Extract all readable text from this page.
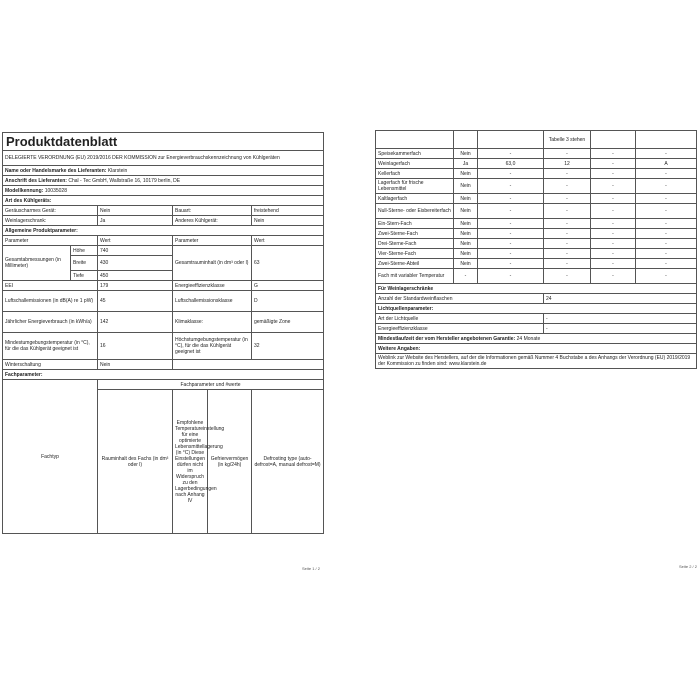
Produktdatenblatt					
DELEGIERTE VERORDNUNG (EU) 2019/2016 DER KOMMISSION zur Energieverbrauchskennzeichnung von Kühlgeräten					
Name oder Handelsmarke des Lieferanten: Klarstein					
Anschrift des Lieferanten: Chal - Tec GmbH, Wallstraße 16, 10179 berlin, DE					
Modellkennung: 10035028					
Art des Kühlgeräts:					
Geräuscharmes Gerät:		Nein	Bauart:		freistehend
Weinlagerschrank:		Ja	Anderes Kühlgerät:		Nein
Allgemeine Produktparameter:					
Parameter		Wert	Parameter		Wert
Gesamtabmessungen (in Millimeter)	Höhe	740	Gesamtrauminhalt (in dm³ oder l)		63
	Breite	430			
	Tiefe	450			
EEI		179	Energieeffizienzklasse		G
Luftschallemissionen (in dB(A) re 1 pW)		45	Luftschallemissionsklasse		D
Jährlicher Energieverbrauch (in kWh/a)		142	Klimaklasse:		gemäßigte Zone
Mindestumgebungstemperatur (in °C), für die das Kühlgerät geeignet ist		16	Höchstumgebungstemperatur (in °C), für die das Kühlgerät geeignet ist		32
Winterschaltung		Nein			
Fachparameter:					
Fachtyp		Fachparameter und #werte			
		Rauminhalt des Fachs (in dm³ oder l)	Empfohlene Temperatureinstellung für eine optimierte Lebensmittellagerung (in °C) Diese Einstellungen dürfen nicht im Widerspruch zu den Lagerbedingungen nach Anhang IV	Gefriervermögen (in kg/24h)	Defrosting type (auto-defrost=A, manual defrost=M)
Seite 1 / 2
			Tabelle 3 stehen		
Speisekammerfach	Nein	-	-	-	-
Weinlagerfach	Ja	63,0	12	-	A
Kellerfach	Nein	-	-	-	-
Lagerfach für frische Lebensmittel	Nein	-	-	-	-
Kaltlagerfach	Nein	-	-	-	-
Null-Sterne- oder Eisbereiterfach	Nein	-	-	-	-
Ein-Stern-Fach	Nein	-	-	-	-
Zwei-Sterne-Fach	Nein	-	-	-	-
Drei-Sterne-Fach	Nein	-	-	-	-
Vier-Sterne-Fach	Nein	-	-	-	-
Zwei-Sterne-Abteil	Nein	-	-	-	-
Fach mit variabler Temperatur	-	-	-	-	-
Für Weinlagerschränke					
Anzahl der Standardweinflaschen			24		
Lichtquellenparameter:					
Art der Lichtquelle			-		
Energieeffizienzklasse			-		
Mindestlaufzeit der vom Hersteller angebotenen Garantie: 24 Monate					
Weitere Angaben:					
Weblink zur Website des Herstellers, auf der die Informationen gemäß Nummer 4 Buchstabe a des Anhangs der Verordnung (EU) 2019/2019 der Kommission zu finden sind: www.klarstein.de					
Seite 2 / 2
